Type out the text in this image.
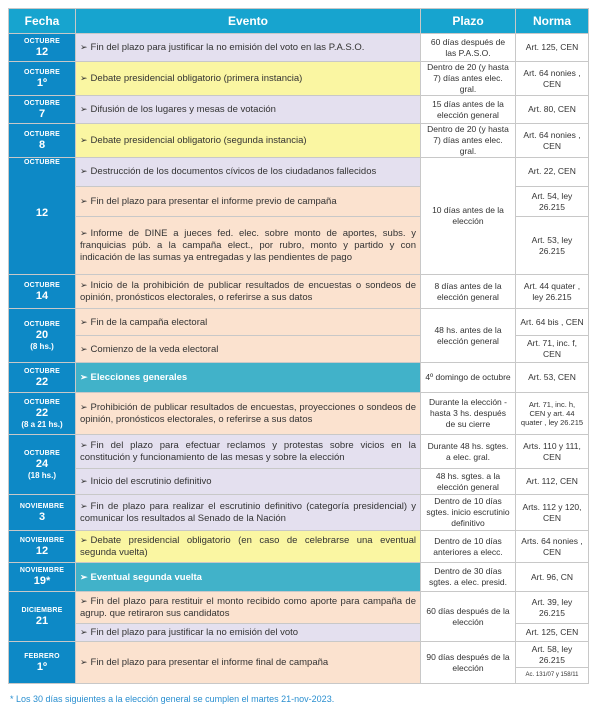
Fecha	Evento	Plazo	Norma

OCTUBRE
12	➢ Fin del plazo para justificar la no emisión del voto en las P.A.S.O.	60 días después de las P.A.S.O.	Art. 125, CEN

OCTUBRE
1º	➢ Debate presidencial obligatorio (primera instancia)	Dentro de 20 (y hasta 7) días antes elec. gral.	Art. 64 nonies , CEN

OCTUBRE
7	➢ Difusión de los lugares y mesas de votación	15 días antes de la elección general	Art. 80, CEN

OCTUBRE
8	➢ Debate presidencial obligatorio (segunda instancia)	Dentro de 20 (y hasta 7) días antes elec. gral.	Art. 64 nonies , CEN

OCTUBRE
12	➢ Destrucción de los documentos cívicos de los ciudadanos fallecidos	10 días antes de la elección	Art. 22, CEN
	➢ Fin del plazo para presentar el informe previo de campaña		Art. 54, ley 26.215
	➢ Informe de DINE a jueces fed. elec. sobre monto de aportes, subs. y franquicias púb. a la campaña elect., por rubro, monto y partido y con indicación de las sumas ya entregadas y las pendientes de pago		Art. 53, ley 26.215

OCTUBRE
14	➢ Inicio de la prohibición de publicar resultados de encuestas o sondeos de opinión, pronósticos electorales, o referirse a sus datos	8 días antes de la elección general	Art. 44 quater , ley 26.215

OCTUBRE
20
(8 hs.)	➢ Fin de la campaña electoral	48 hs. antes de la elección general	Art. 64 bis , CEN
	➢ Comienzo de la veda electoral		Art. 71, inc. f, CEN

OCTUBRE
22	➢ Elecciones generales	4º domingo de octubre	Art. 53, CEN

OCTUBRE
22
(8 a 21 hs.)	➢ Prohibición de publicar resultados de encuestas, proyecciones o sondeos de opinión, pronósticos electorales, o referirse a sus datos	Durante la elección - hasta 3 hs. después de su cierre	Art. 71, inc. h, CEN y art. 44 quater , ley 26.215

OCTUBRE
24
(18 hs.)	➢ Fin del plazo para efectuar reclamos y protestas sobre vicios en la constitución y funcionamiento de las mesas y sobre la elección	Durante 48 hs. sgtes. a elec. gral.	Arts. 110 y 111, CEN
	➢ Inicio del escrutinio definitivo	48 hs. sgtes. a la elección general	Art. 112, CEN

NOVIEMBRE
3	➢ Fin de plazo para realizar el escrutinio definitivo (categoría presidencial) y comunicar los resultados al Senado de la Nación	Dentro de 10 días sgtes. inicio escrutinio definitivo	Arts. 112 y 120, CEN

NOVIEMBRE
12	➢ Debate presidencial obligatorio (en caso de celebrarse una eventual segunda vuelta)	Dentro de 10 días anteriores a elecc.	Arts. 64 nonies , CEN

NOVIEMBRE
19*	➢ Eventual segunda vuelta	Dentro de 30 días sgtes. a elec. presid.	Art. 96, CN

DICIEMBRE
21	➢ Fin del plazo para restituir el monto recibido como aporte para campaña de agrup. que retiraron sus candidatos	60 días después de la elección	Art. 39, ley 26.215
	➢ Fin del plazo para justificar la no emisión del voto		Art. 125, CEN

FEBRERO
1º	➢ Fin del plazo para presentar el informe final de campaña	90 días después de la elección	Art. 58, ley 26.215
			Ac. 131/07 y 158/11
* Los 30 días siguientes a la elección general se cumplen el martes 21-nov-2023.
